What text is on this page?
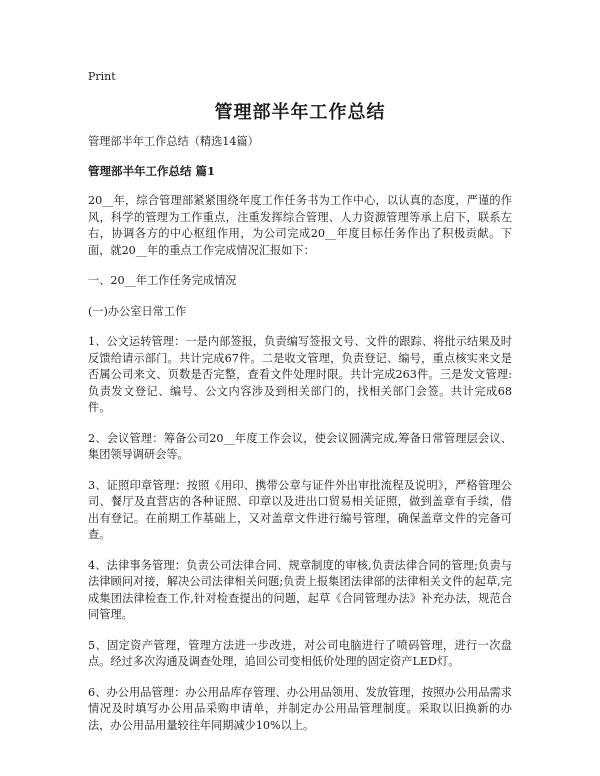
Print
管理部半年工作总结

管理部半年工作总结（精选14篇）

管理部半年工作总结 篇1

20__年，综合管理部紧紧围绕年度工作任务书为工作中心，以认真的态度，严谨的作风，科学的管理为工作重点，注重发挥综合管理、人力资源管理等承上启下，联系左右，协调各方的中心枢纽作用，为公司完成20__年度目标任务作出了积极贡献。下面，就20__年的重点工作完成情况汇报如下：

一、20__年工作任务完成情况

(一)办公室日常工作

1、公文运转管理：一是内部签报，负责编写签报文号、文件的跟踪、将批示结果及时反馈给请示部门。共计完成67件。二是收文管理，负责登记、编号，重点核实来文是否属公司来文、页数是否完整，查看文件处理时限。共计完成263件。三是发文管理:负责发文登记、编号、公文内容涉及到相关部门的，找相关部门会签。共计完成68件。

2、会议管理：筹备公司20__年度工作会议，使会议圆满完成,筹备日常管理层会议、集团领导调研会等。

3、证照印章管理：按照《用印、携带公章与证件外出审批流程及说明》，严格管理公司、餐厅及直营店的各种证照、印章以及进出口贸易相关证照，做到盖章有手续，借出有登记。在前期工作基础上，又对盖章文件进行编号管理，确保盖章文件的完备可查。

4、法律事务管理：负责公司法律合同、规章制度的审核,负责法律合同的管理;负责与法律顾问对接，解决公司法律相关问题;负责上报集团法律部的法律相关文件的起草,完成集团法律检查工作,针对检查提出的问题，起草《合同管理办法》补充办法，规范合同管理。

5、固定资产管理，管理方法进一步改进，对公司电脑进行了喷码管理，进行一次盘点。经过多次沟通及调查处理，追回公司变相低价处理的固定资产LED灯。

6、办公用品管理：办公用品库存管理、办公用品领用、发放管理，按照办公用品需求情况及时填写办公用品采购申请单，并制定办公用品管理制度。采取以旧换新的办法，办公用品用量较往年同期减少10%以上。
